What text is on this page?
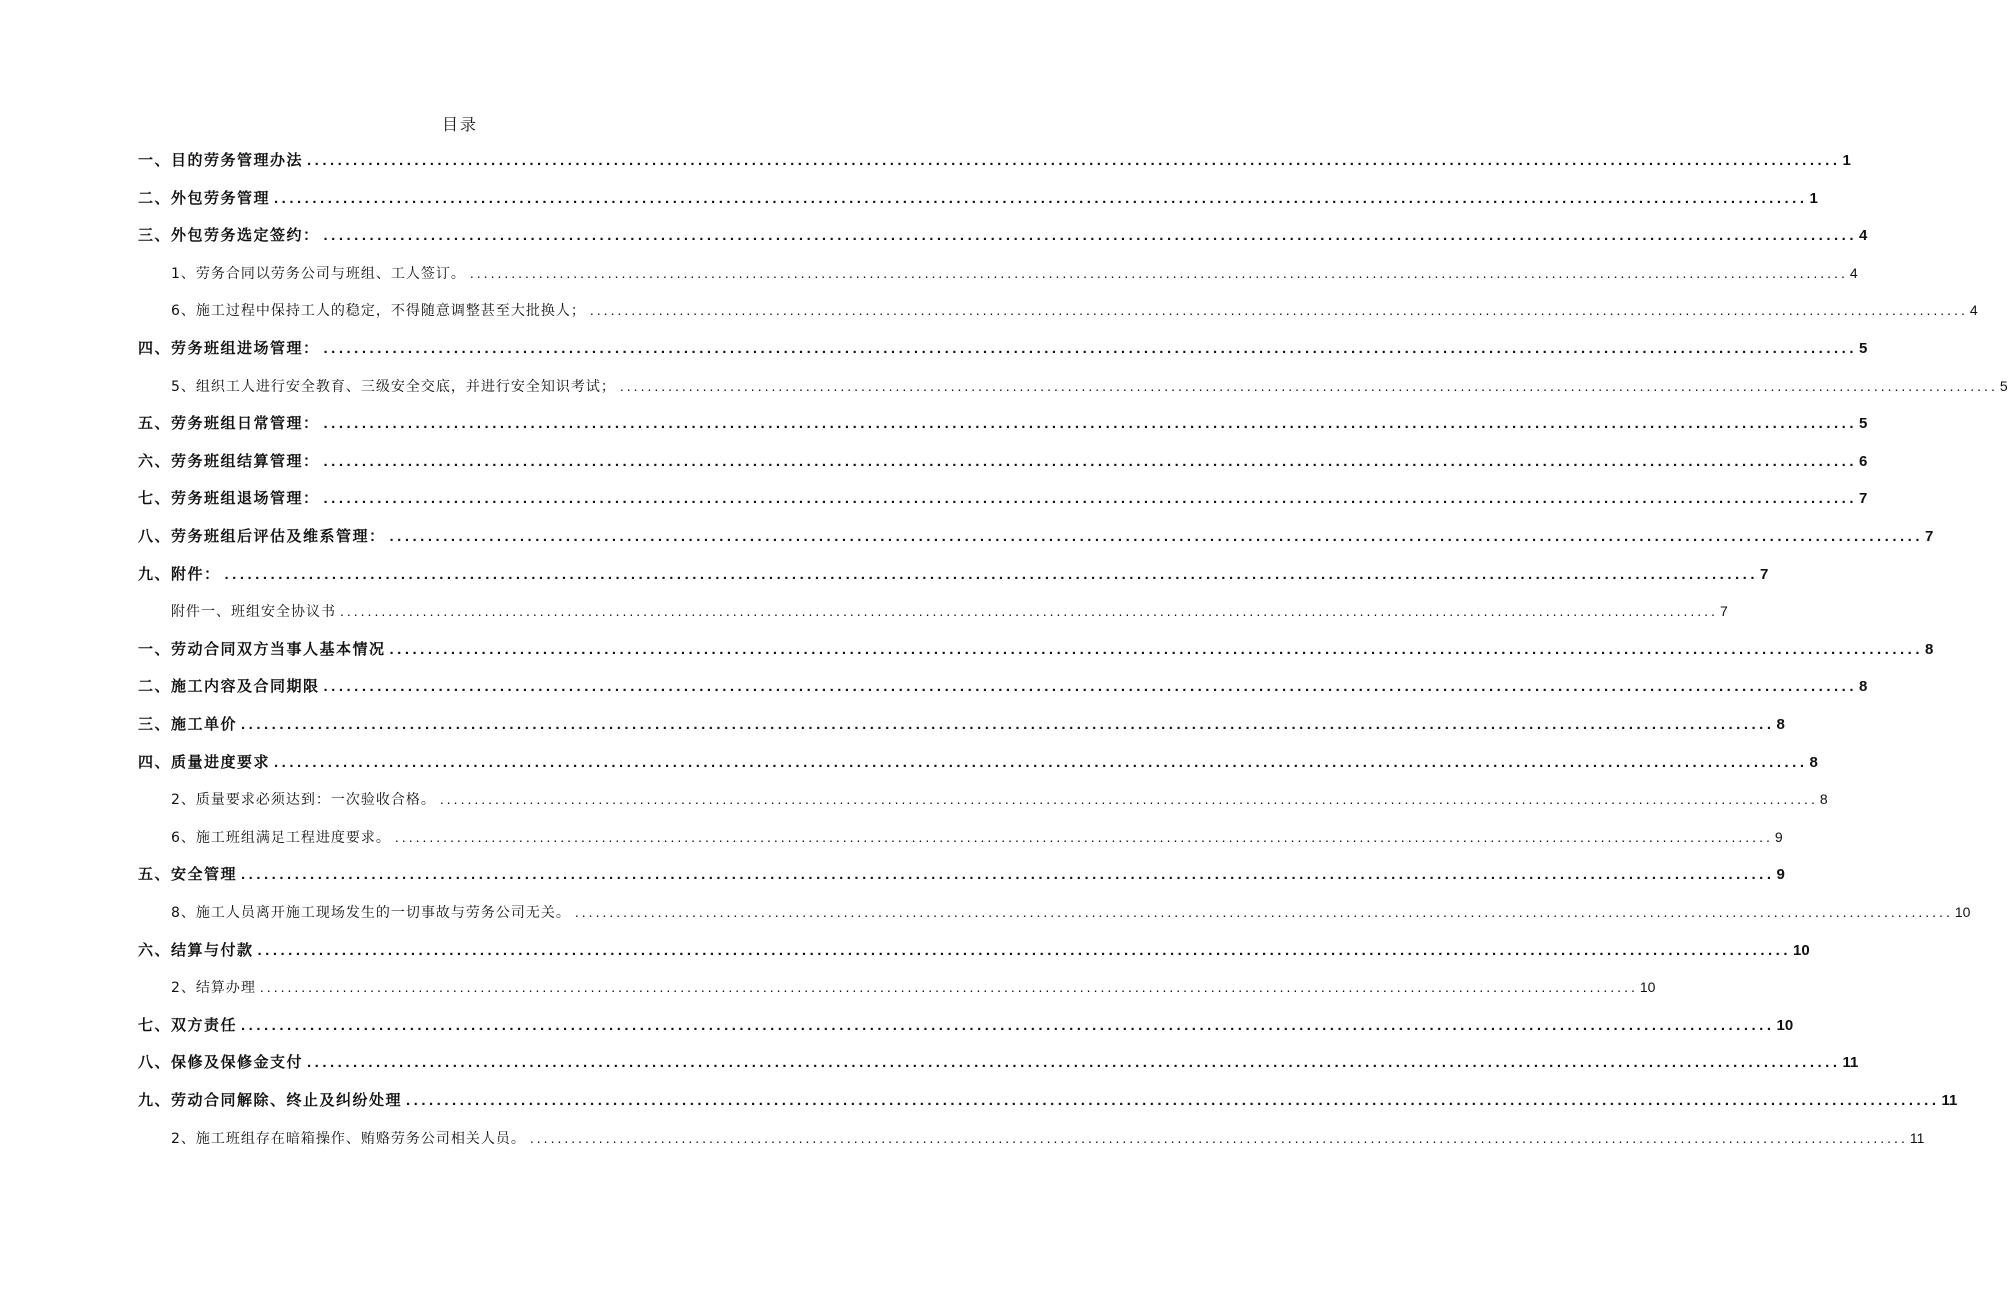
目录
一、目的劳务管理办法 ........................................................................................................................................................................................................ 1
二、外包劳务管理 ........................................................................................................................................................................................................ 1
三、外包劳务选定签约： ........................................................................................................................................................................................................ 4
1、劳务合同以劳务公司与班组、工人签订。 ........................................................................................................................................................................................................ 4
6、施工过程中保持工人的稳定，不得随意调整甚至大批换人； ........................................................................................................................................................................................................ 4
四、劳务班组进场管理： ........................................................................................................................................................................................................ 5
5、组织工人进行安全教育、三级安全交底，并进行安全知识考试； ........................................................................................................................................................................................................ 5
五、劳务班组日常管理： ........................................................................................................................................................................................................ 5
六、劳务班组结算管理： ........................................................................................................................................................................................................ 6
七、劳务班组退场管理： ........................................................................................................................................................................................................ 7
八、劳务班组后评估及维系管理： ........................................................................................................................................................................................................ 7
九、附件： ........................................................................................................................................................................................................ 7
附件一、班组安全协议书 ........................................................................................................................................................................................................ 7
一、劳动合同双方当事人基本情况 ........................................................................................................................................................................................................ 8
二、施工内容及合同期限 ........................................................................................................................................................................................................ 8
三、施工单价 ........................................................................................................................................................................................................ 8
四、质量进度要求 ........................................................................................................................................................................................................ 8
2、质量要求必须达到：一次验收合格。 ........................................................................................................................................................................................................ 8
6、施工班组满足工程进度要求。 ........................................................................................................................................................................................................ 9
五、安全管理 ........................................................................................................................................................................................................ 9
8、施工人员离开施工现场发生的一切事故与劳务公司无关。 ........................................................................................................................................................................................................ 10
六、结算与付款 ........................................................................................................................................................................................................ 10
2、结算办理 ........................................................................................................................................................................................................ 10
七、双方责任 ........................................................................................................................................................................................................ 10
八、保修及保修金支付 ........................................................................................................................................................................................................ 11
九、劳动合同解除、终止及纠纷处理 ........................................................................................................................................................................................................ 11
2、施工班组存在暗箱操作、贿赂劳务公司相关人员。 ........................................................................................................................................................................................................ 11
